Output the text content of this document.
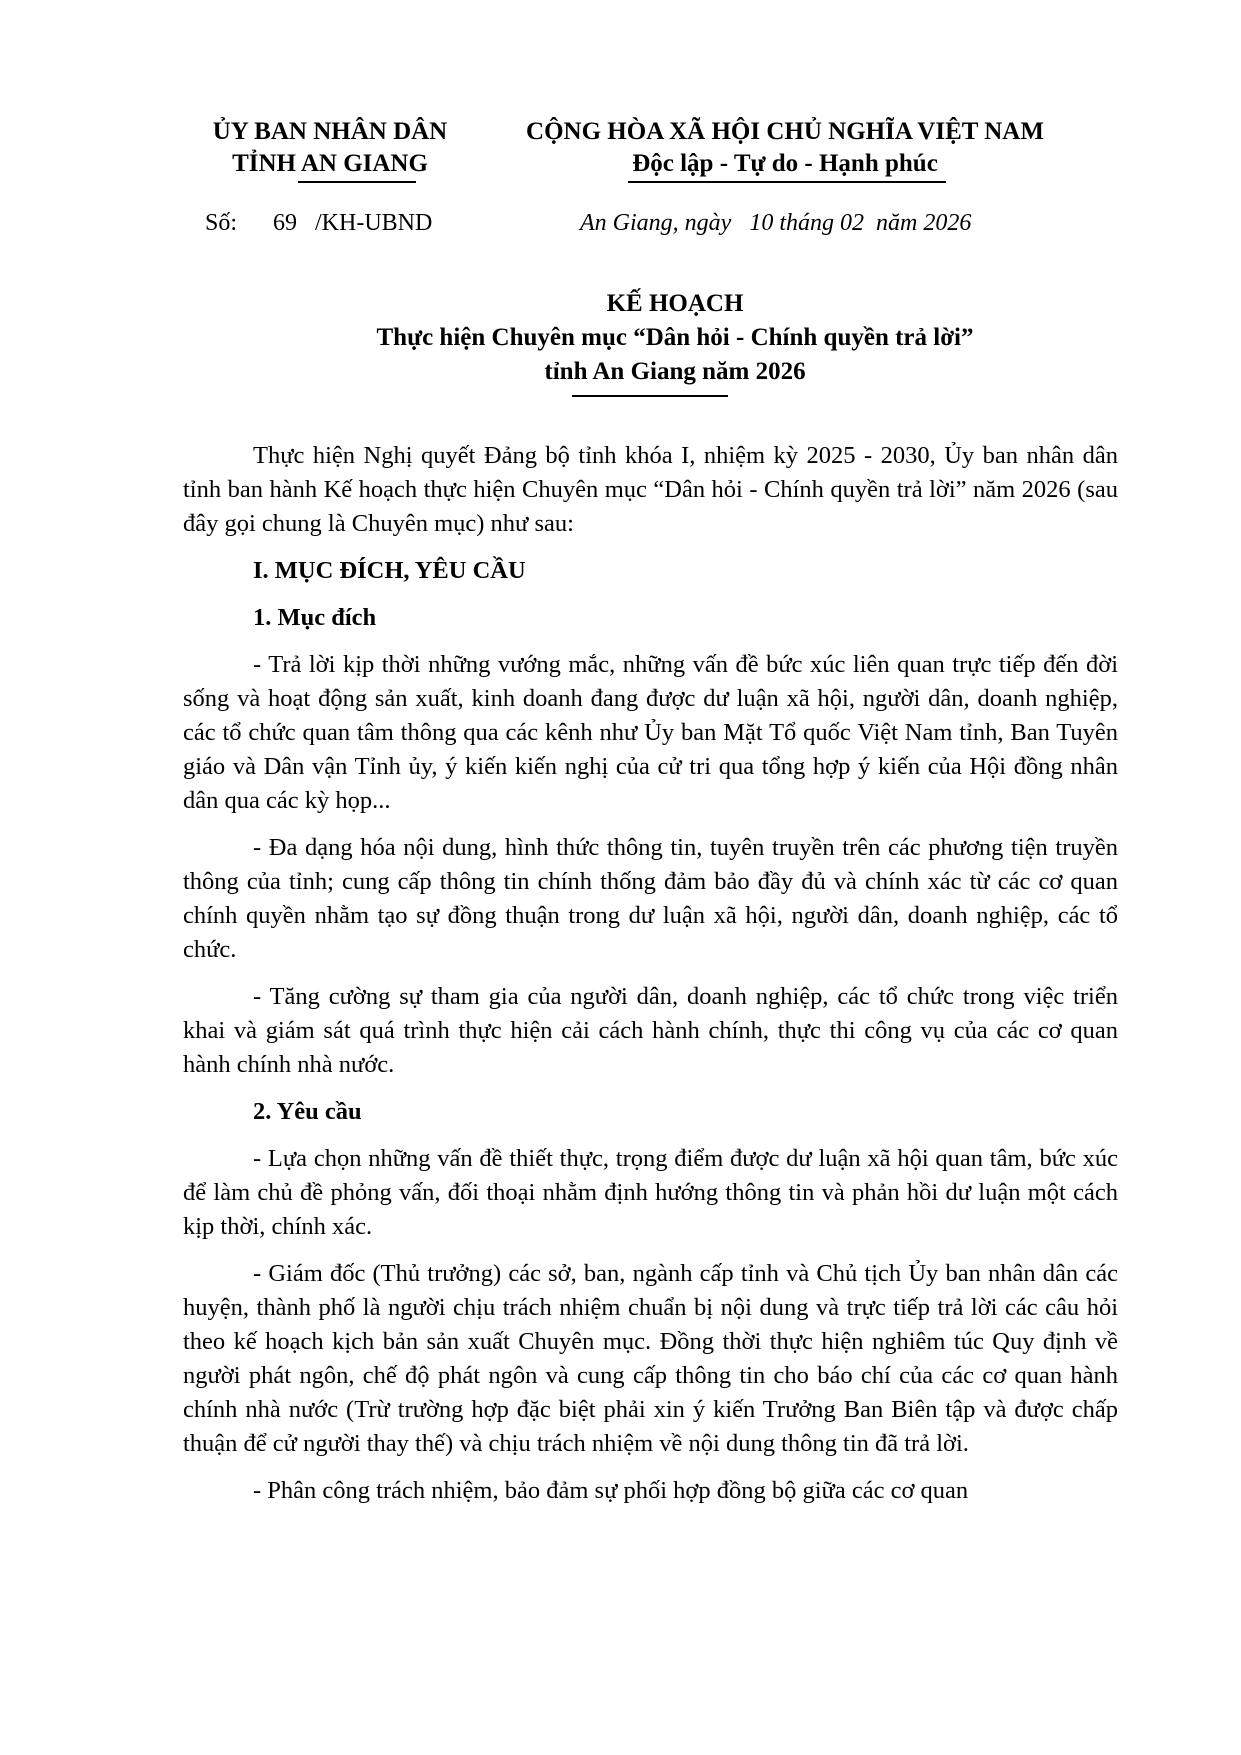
ỦY BAN NHÂN DÂN
TỈNH AN GIANG
CỘNG HÒA XÃ HỘI CHỦ NGHĨA VIỆT NAM
Độc lập - Tự do - Hạnh phúc
Số: 69 /KH-UBND	An Giang, ngày 10 tháng 02 năm 2026
KẾ HOẠCH
Thực hiện Chuyên mục “Dân hỏi - Chính quyền trả lời”
tỉnh An Giang năm 2026

Thực hiện Nghị quyết Đảng bộ tỉnh khóa I, nhiệm kỳ 2025 - 2030, Ủy ban nhân dân tỉnh ban hành Kế hoạch thực hiện Chuyên mục “Dân hỏi - Chính quyền trả lời” năm 2026 (sau đây gọi chung là Chuyên mục) như sau:

I. MỤC ĐÍCH, YÊU CẦU

1. Mục đích

- Trả lời kịp thời những vướng mắc, những vấn đề bức xúc liên quan trực tiếp đến đời sống và hoạt động sản xuất, kinh doanh đang được dư luận xã hội, người dân, doanh nghiệp, các tổ chức quan tâm thông qua các kênh như Ủy ban Mặt Tổ quốc Việt Nam tỉnh, Ban Tuyên giáo và Dân vận Tỉnh ủy, ý kiến kiến nghị của cử tri qua tổng hợp ý kiến của Hội đồng nhân dân qua các kỳ họp...

- Đa dạng hóa nội dung, hình thức thông tin, tuyên truyền trên các phương tiện truyền thông của tỉnh; cung cấp thông tin chính thống đảm bảo đầy đủ và chính xác từ các cơ quan chính quyền nhằm tạo sự đồng thuận trong dư luận xã hội, người dân, doanh nghiệp, các tổ chức.

- Tăng cường sự tham gia của người dân, doanh nghiệp, các tổ chức trong việc triển khai và giám sát quá trình thực hiện cải cách hành chính, thực thi công vụ của các cơ quan hành chính nhà nước.

2. Yêu cầu

- Lựa chọn những vấn đề thiết thực, trọng điểm được dư luận xã hội quan tâm, bức xúc để làm chủ đề phỏng vấn, đối thoại nhằm định hướng thông tin và phản hồi dư luận một cách kịp thời, chính xác.

- Giám đốc (Thủ trưởng) các sở, ban, ngành cấp tỉnh và Chủ tịch Ủy ban nhân dân các huyện, thành phố là người chịu trách nhiệm chuẩn bị nội dung và trực tiếp trả lời các câu hỏi theo kế hoạch kịch bản sản xuất Chuyên mục. Đồng thời thực hiện nghiêm túc Quy định về người phát ngôn, chế độ phát ngôn và cung cấp thông tin cho báo chí của các cơ quan hành chính nhà nước (Trừ trường hợp đặc biệt phải xin ý kiến Trưởng Ban Biên tập và được chấp thuận để cử người thay thế) và chịu trách nhiệm về nội dung thông tin đã trả lời.

- Phân công trách nhiệm, bảo đảm sự phối hợp đồng bộ giữa các cơ quan
